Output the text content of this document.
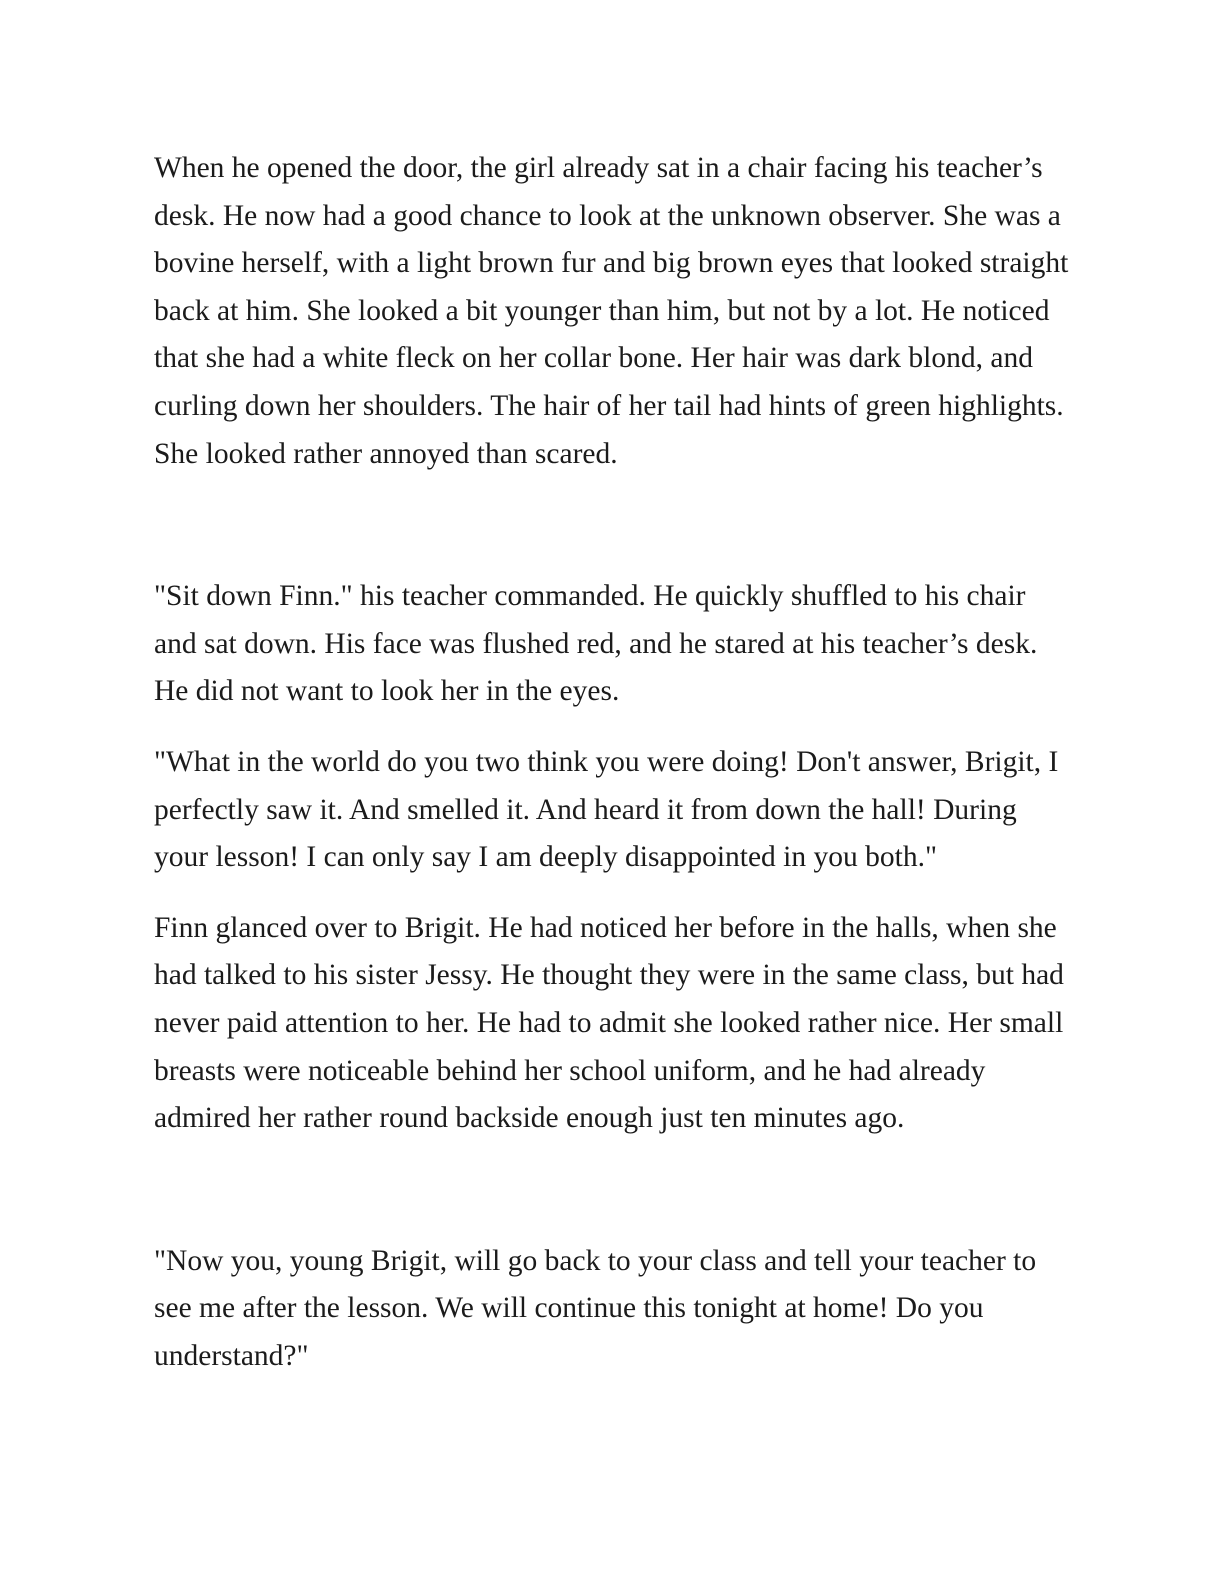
When he opened the door, the girl already sat in a chair facing his teacher’s desk. He now had a good chance to look at the unknown observer. She was a bovine herself, with a light brown fur and big brown eyes that looked straight back at him. She looked a bit younger than him, but not by a lot. He noticed that she had a white fleck on her collar bone. Her hair was dark blond, and curling down her shoulders. The hair of her tail had hints of green highlights. She looked rather annoyed than scared.

"Sit down Finn." his teacher commanded. He quickly shuffled to his chair and sat down. His face was flushed red, and he stared at his teacher’s desk. He did not want to look her in the eyes.

"What in the world do you two think you were doing! Don't answer, Brigit, I perfectly saw it. And smelled it. And heard it from down the hall! During your lesson! I can only say I am deeply disappointed in you both."

Finn glanced over to Brigit. He had noticed her before in the halls, when she had talked to his sister Jessy. He thought they were in the same class, but had never paid attention to her. He had to admit she looked rather nice. Her small breasts were noticeable behind her school uniform, and he had already admired her rather round backside enough just ten minutes ago.

"Now you, young Brigit, will go back to your class and tell your teacher to see me after the lesson. We will continue this tonight at home! Do you understand?"
